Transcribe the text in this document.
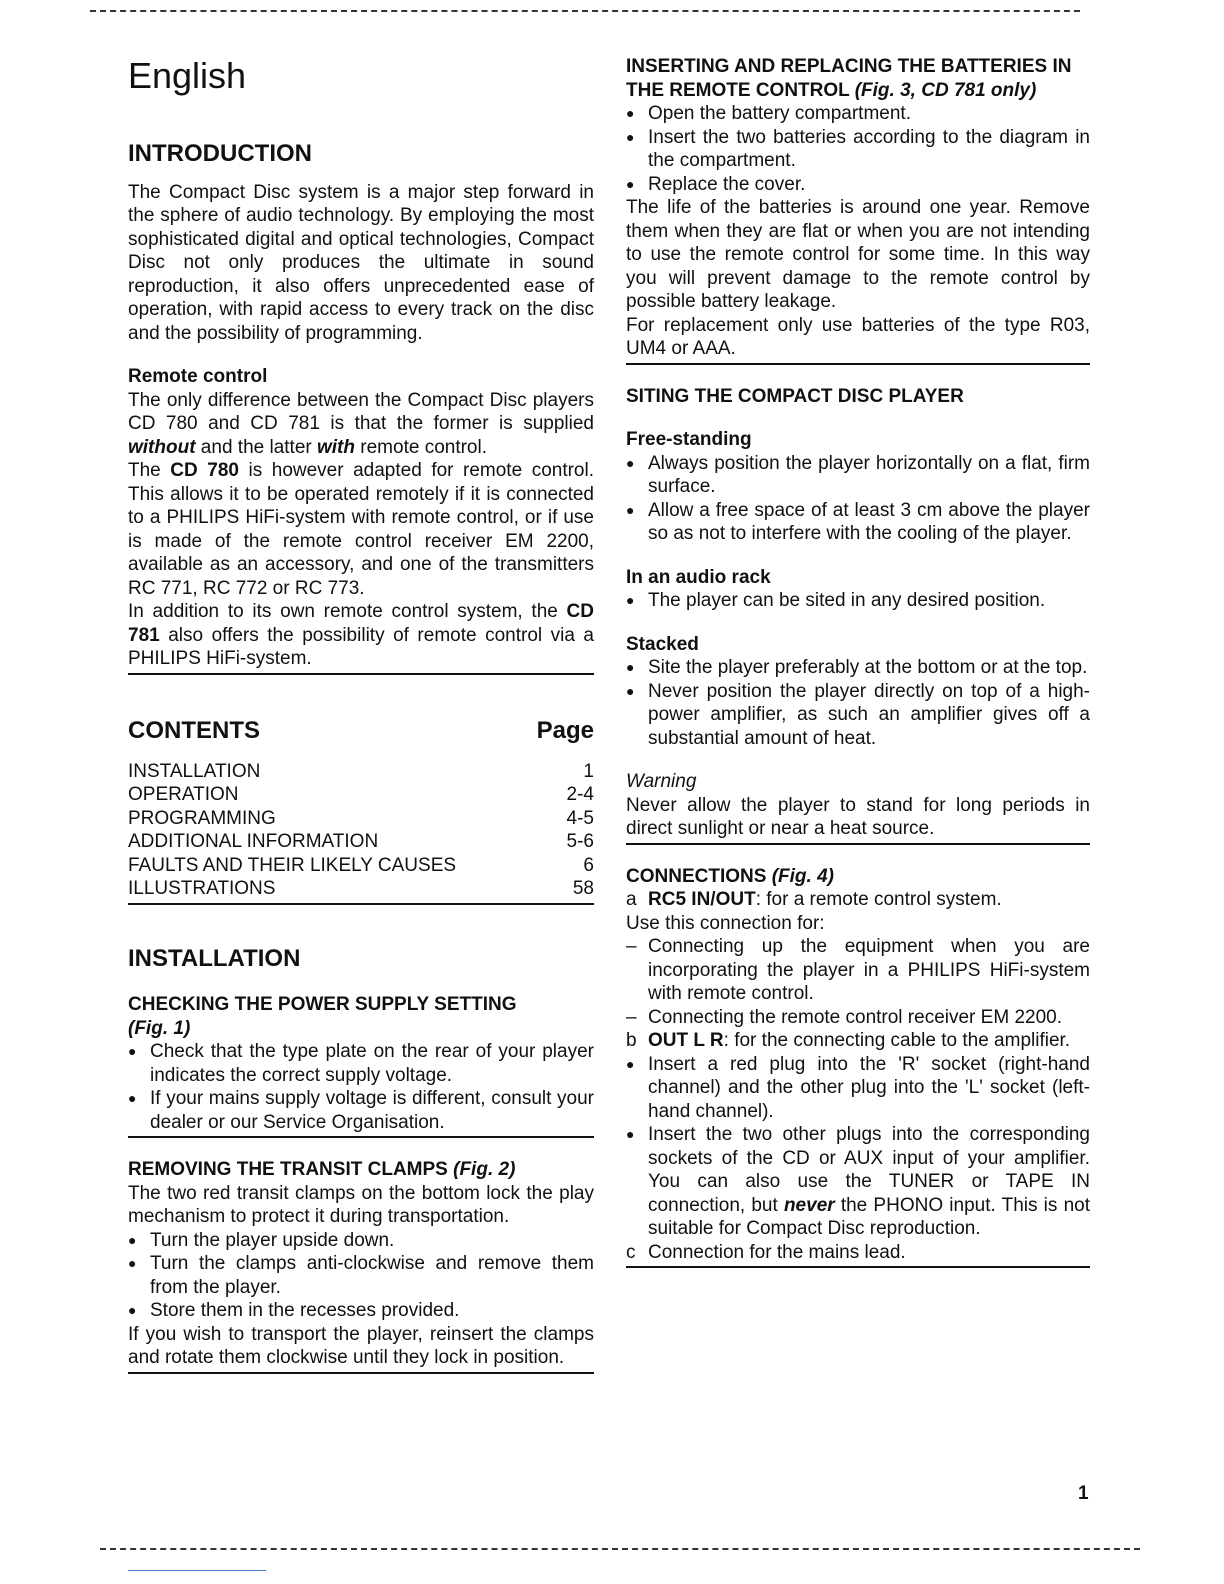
English
INTRODUCTION

The Compact Disc system is a major step forward in the sphere of audio technology. By employing the most sophisticated digital and optical technologies, Compact Disc not only produces the ultimate in sound reproduction, it also offers unprecedented ease of operation, with rapid access to every track on the disc and the possibility of programming.

Remote control

The only difference between the Compact Disc players CD 780 and CD 781 is that the former is supplied without and the latter with remote control.

The CD 780 is however adapted for remote control. This allows it to be operated remotely if it is connected to a PHILIPS HiFi-system with remote control, or if use is made of the remote control receiver EM 2200, available as an accessory, and one of the transmitters RC 771, RC 772 or RC 773.

In addition to its own remote control system, the CD 781 also offers the possibility of remote control via a PHILIPS HiFi-system.

CONTENTS	Page
INSTALLATION	1
OPERATION	2-4
PROGRAMMING	4-5
ADDITIONAL INFORMATION	5-6
FAULTS AND THEIR LIKELY CAUSES	6
ILLUSTRATIONS	58
INSTALLATION
CHECKING THE POWER SUPPLY SETTING
(Fig. 1)
● Check that the type plate on the rear of your player indicates the correct supply voltage.
● If your mains supply voltage is different, consult your dealer or our Service Organisation.
REMOVING THE TRANSIT CLAMPS (Fig. 2)

The two red transit clamps on the bottom lock the play mechanism to protect it during transportation.

● Turn the player upside down.
● Turn the clamps anti-clockwise and remove them from the player.
● Store them in the recesses provided.

If you wish to transport the player, reinsert the clamps and rotate them clockwise until they lock in position.

INSERTING AND REPLACING THE BATTERIES IN THE REMOTE CONTROL (Fig. 3, CD 781 only)
● Open the battery compartment.
● Insert the two batteries according to the diagram in the compartment.
● Replace the cover.

The life of the batteries is around one year. Remove them when they are flat or when you are not intending to use the remote control for some time. In this way you will prevent damage to the remote control by possible battery leakage.

For replacement only use batteries of the type R03, UM4 or AAA.

SITING THE COMPACT DISC PLAYER
Free-standing
● Always position the player horizontally on a flat, firm surface.
● Allow a free space of at least 3 cm above the player so as not to interfere with the cooling of the player.
In an audio rack
● The player can be sited in any desired position.
Stacked
● Site the player preferably at the bottom or at the top.
● Never position the player directly on top of a high-power amplifier, as such an amplifier gives off a substantial amount of heat.

Warning

Never allow the player to stand for long periods in direct sunlight or near a heat source.

CONNECTIONS (Fig. 4)
a RC5 IN/OUT: for a remote control system.

Use this connection for:

– Connecting up the equipment when you are incorporating the player in a PHILIPS HiFi-system with remote control.
– Connecting the remote control receiver EM 2200.
b OUT L R: for the connecting cable to the amplifier.
● Insert a red plug into the 'R' socket (right-hand channel) and the other plug into the 'L' socket (left-hand channel).
● Insert the two other plugs into the corresponding sockets of the CD or AUX input of your amplifier. You can also use the TUNER or TAPE IN connection, but never the PHONO input. This is not suitable for Compact Disc reproduction.
c Connection for the mains lead.
1
